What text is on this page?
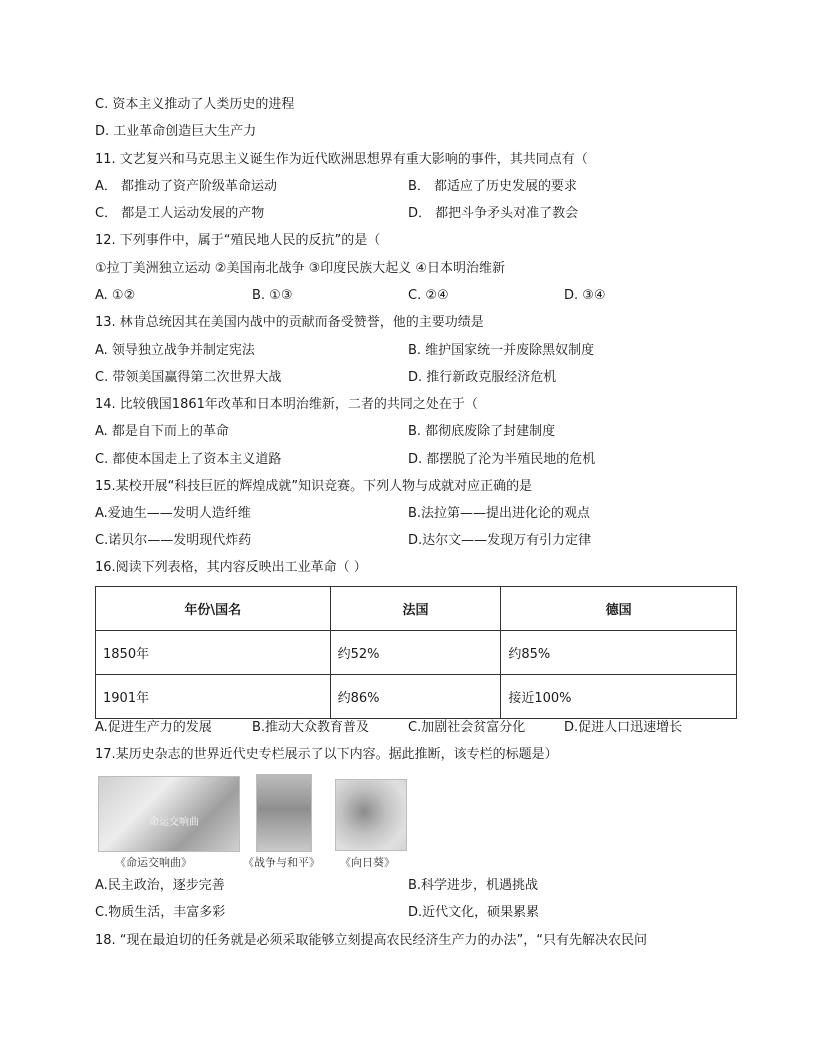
C. 资本主义推动了人类历史的进程
D. 工业革命创造巨大生产力
11. 文艺复兴和马克思主义诞生作为近代欧洲思想界有重大影响的事件，其共同点有（
A． 都推动了资产阶级革命运动	B． 都适应了历史发展的要求
C． 都是工人运动发展的产物	D． 都把斗争矛头对准了教会
12. 下列事件中，属于“殖民地人民的反抗”的是（
①拉丁美洲独立运动 ②美国南北战争 ③印度民族大起义 ④日本明治维新
A. ①②	B. ①③	C. ②④	D. ③④
13. 林肯总统因其在美国内战中的贡献而备受赞誉，他的主要功绩是
A. 领导独立战争并制定宪法	B. 维护国家统一并废除黑奴制度
C. 带领美国赢得第二次世界大战	D. 推行新政克服经济危机
14. 比较俄国1861年改革和日本明治维新，二者的共同之处在于（
A. 都是自下而上的革命	B. 都彻底废除了封建制度
C. 都使本国走上了资本主义道路	D. 都摆脱了沦为半殖民地的危机
15.某校开展“科技巨匠的辉煌成就”知识竞赛。下列人物与成就对应正确的是
A.爱迪生——发明人造纤维	B.法拉第——提出进化论的观点
C.诺贝尔——发明现代炸药	D.达尔文——发现万有引力定律
16.阅读下列表格，其内容反映出工业革命（ ）
年份\国名	法国	德国
1850年	约52%	约85%
1901年	约86%	接近100%
A.促进生产力的发展	B.推动大众教育普及	C.加剧社会贫富分化	D.促进人口迅速增长
17.某历史杂志的世界近代史专栏展示了以下内容。据此推断，该专栏的标题是）
命运交响曲
《命运交响曲》	《战争与和平》 《向日葵》
A.民主政治，逐步完善	B.科学进步，机遇挑战
C.物质生活，丰富多彩	D.近代文化，硕果累累
18. “现在最迫切的任务就是必须采取能够立刻提高农民经济生产力的办法”，“只有先解决农民问
